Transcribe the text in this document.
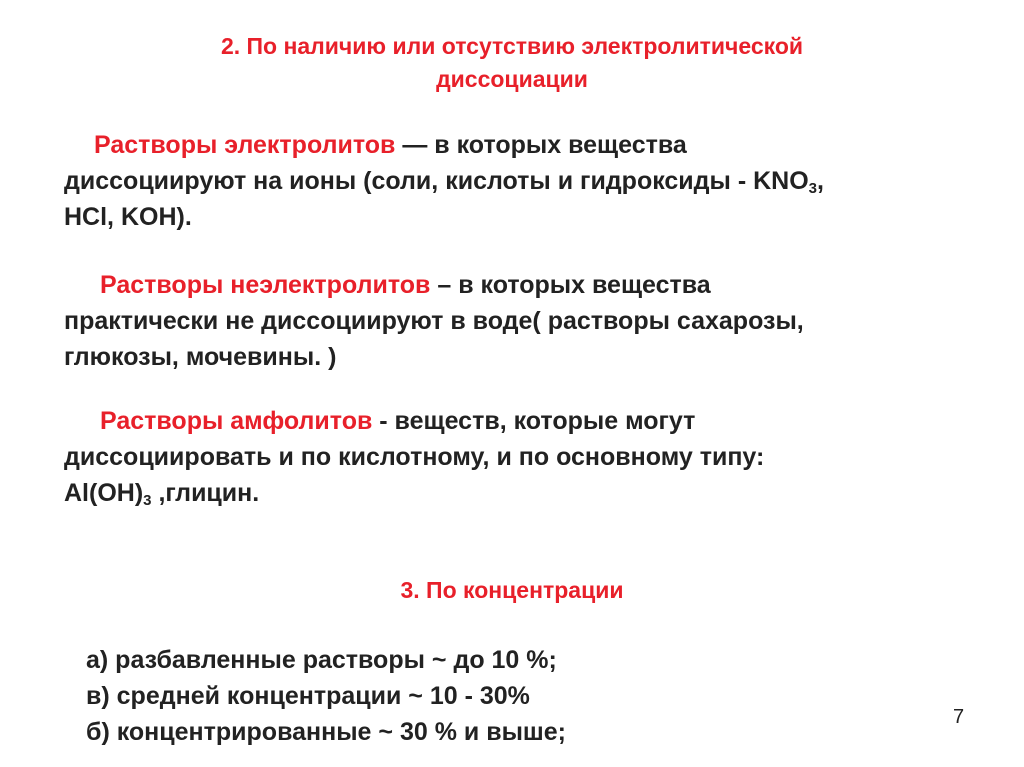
2. По наличию или отсутствию электролитической
диссоциации
Растворы электролитов — в которых вещества
диссоциируют на ионы (соли, кислоты и гидроксиды - $KNO_3$,
HCl, KOH).
Растворы неэлектролитов – в которых вещества
практически не диссоциируют в воде( растворы сахарозы,
глюкозы, мочевины. )
Растворы амфолитов - веществ, которые могут
диссоциировать и по кислотному, и по основному типу:
$Al(OH)_3$ ,глицин.
3. По концентрации
а) разбавленные растворы ~ до 10 %;
в) средней концентрации ~ 10 - 30%
б) концентрированные ~ 30 % и выше;
7
